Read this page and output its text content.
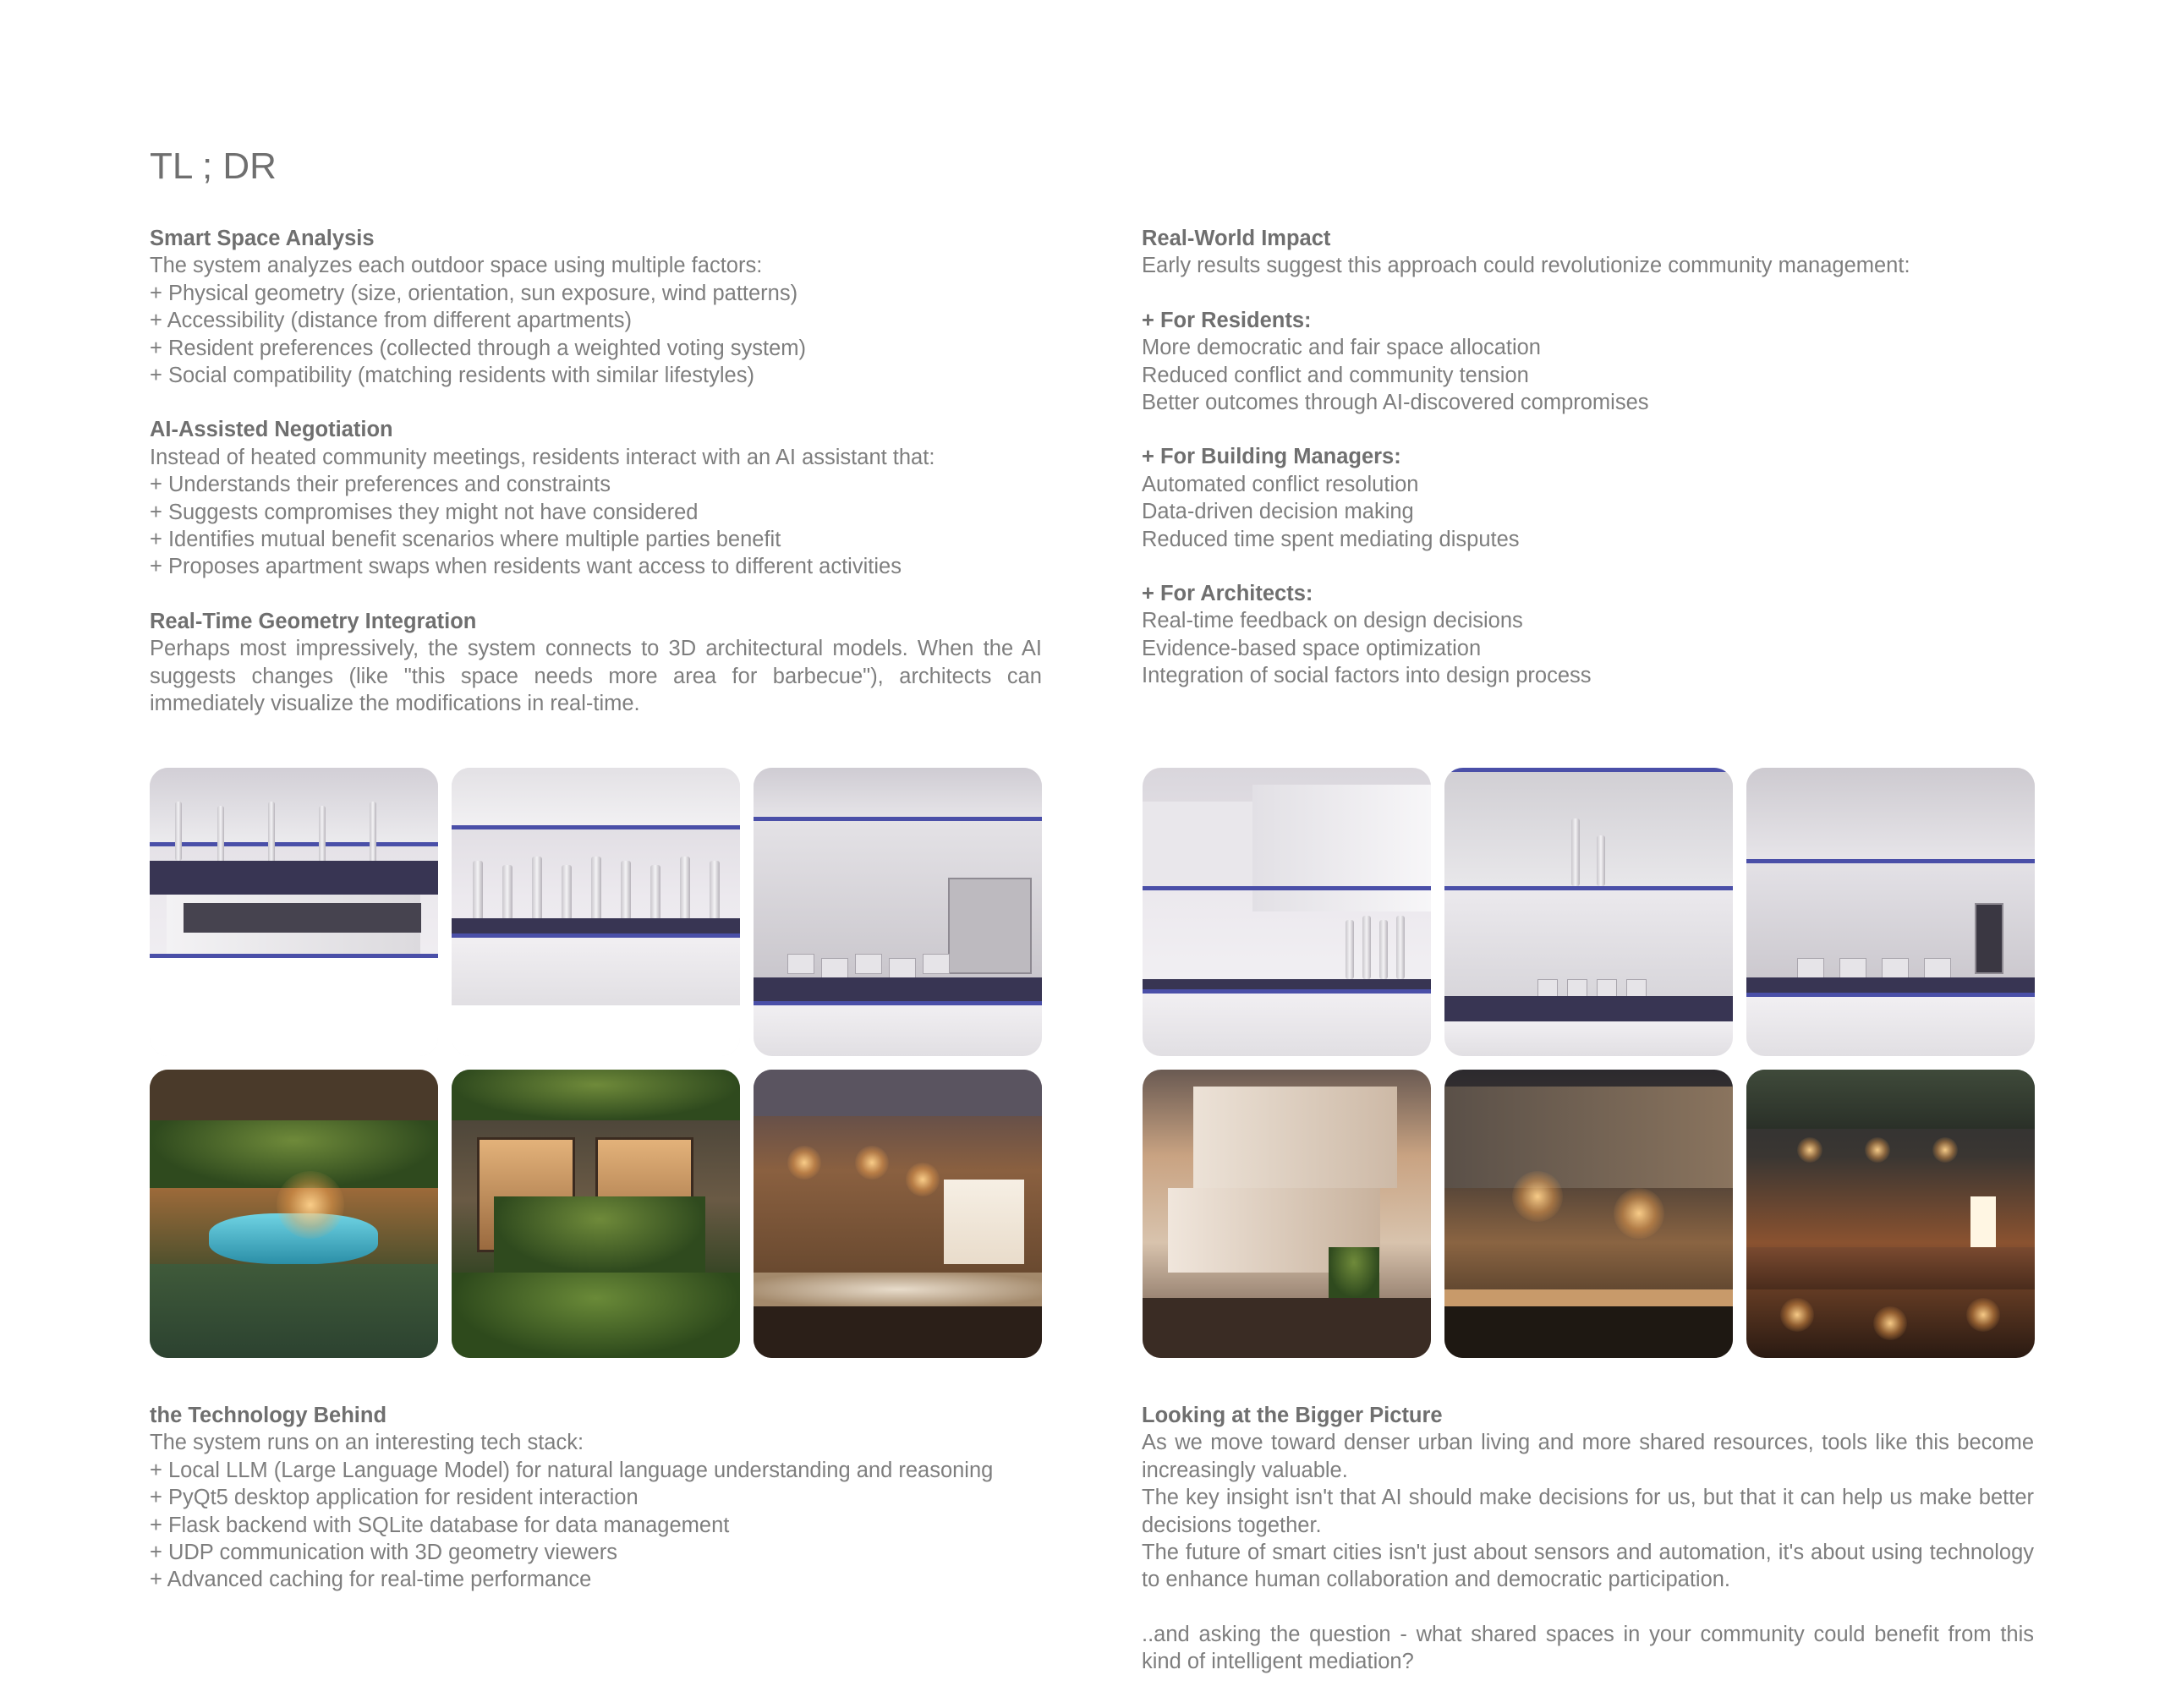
TL ; DR

Smart Space Analysis

The system analyzes each outdoor space using multiple factors:

+ Physical geometry (size, orientation, sun exposure, wind patterns)

+ Accessibility (distance from different apartments)

+ Resident preferences (collected through a weighted voting system)

+ Social compatibility (matching residents with similar lifestyles)

AI-Assisted Negotiation

Instead of heated community meetings, residents interact with an AI assistant that:

+ Understands their preferences and constraints

+ Suggests compromises they might not have considered

+ Identifies mutual benefit scenarios where multiple parties benefit

+ Proposes apartment swaps when residents want access to different activities

Real-Time Geometry Integration

Perhaps most impressively, the system connects to 3D architectural models. When the AI suggests changes (like "this space needs more area for barbecue"), architects can immediately visualize the modifications in real-time.

Real-World Impact

Early results suggest this approach could revolutionize community management:

+ For Residents:

More democratic and fair space allocation

Reduced conflict and community tension

Better outcomes through AI-discovered compromises

+ For Building Managers:

Automated conflict resolution

Data-driven decision making

Reduced time spent mediating disputes

+ For Architects:

Real-time feedback on design decisions

Evidence-based space optimization

Integration of social factors into design process

the Technology Behind

The system runs on an interesting tech stack:

+ Local LLM (Large Language Model) for natural language understanding and reasoning

+ PyQt5 desktop application for resident interaction

+ Flask backend with SQLite database for data management

+ UDP communication with 3D geometry viewers

+ Advanced caching for real-time performance

Looking at the Bigger Picture

As we move toward denser urban living and more shared resources, tools like this become increasingly valuable.

The key insight isn't that AI should make decisions for us, but that it can help us make better decisions together.

The future of smart cities isn't just about sensors and automation, it's about using technology to enhance human collaboration and democratic participation.

..and asking the question - what shared spaces in your community could benefit from this kind of intelligent mediation?
